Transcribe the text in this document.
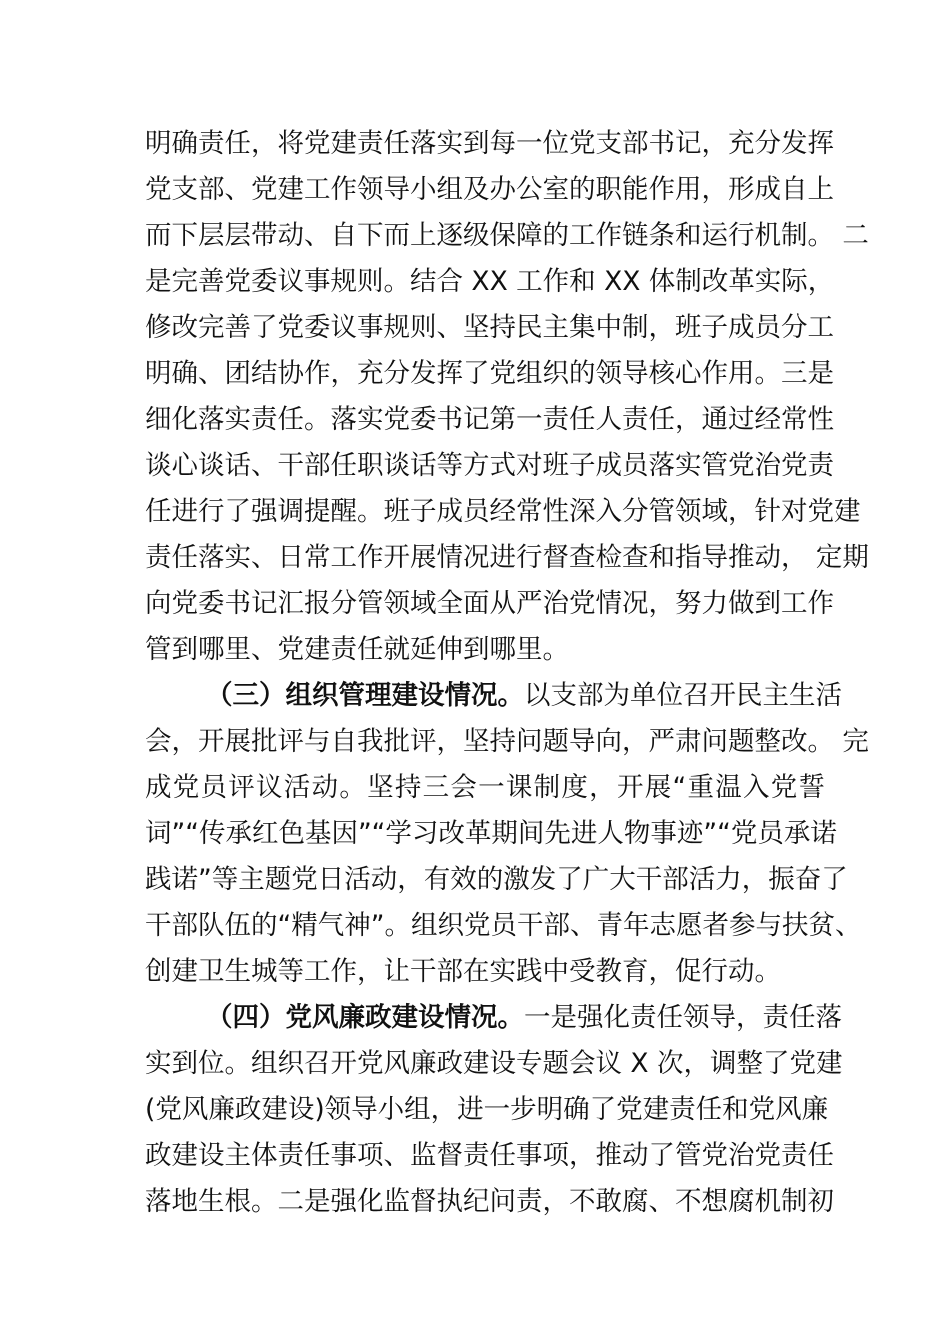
明确责任，将党建责任落实到每一位党支部书记，充分发挥
党支部、党建工作领导小组及办公室的职能作用，形成自上
而下层层带动、自下而上逐级保障的工作链条和运行机制。 二
是完善党委议事规则。结合 XX 工作和 XX 体制改革实际，
修改完善了党委议事规则、坚持民主集中制，班子成员分工
明确、团结协作，充分发挥了党组织的领导核心作用。三是
细化落实责任。落实党委书记第一责任人责任，通过经常性
谈心谈话、干部任职谈话等方式对班子成员落实管党治党责
任进行了强调提醒。班子成员经常性深入分管领域，针对党建
责任落实、日常工作开展情况进行督查检查和指导推动， 定期
向党委书记汇报分管领域全面从严治党情况，努力做到工作
管到哪里、党建责任就延伸到哪里。
（三）组织管理建设情况。以支部为单位召开民主生活
会，开展批评与自我批评，坚持问题导向，严肃问题整改。 完
成党员评议活动。坚持三会一课制度，开展“重温入党誓
词”“传承红色基因”“学习改革期间先进人物事迹”“党员承诺
践诺”等主题党日活动，有效的激发了广大干部活力，振奋了
干部队伍的“精气神”。组织党员干部、青年志愿者参与扶贫、
创建卫生城等工作，让干部在实践中受教育，促行动。
（四）党风廉政建设情况。一是强化责任领导，责任落
实到位。组织召开党风廉政建设专题会议 X 次，调整了党建
(党风廉政建设)领导小组，进一步明确了党建责任和党风廉
政建设主体责任事项、监督责任事项，推动了管党治党责任
落地生根。二是强化监督执纪问责，不敢腐、不想腐机制初
